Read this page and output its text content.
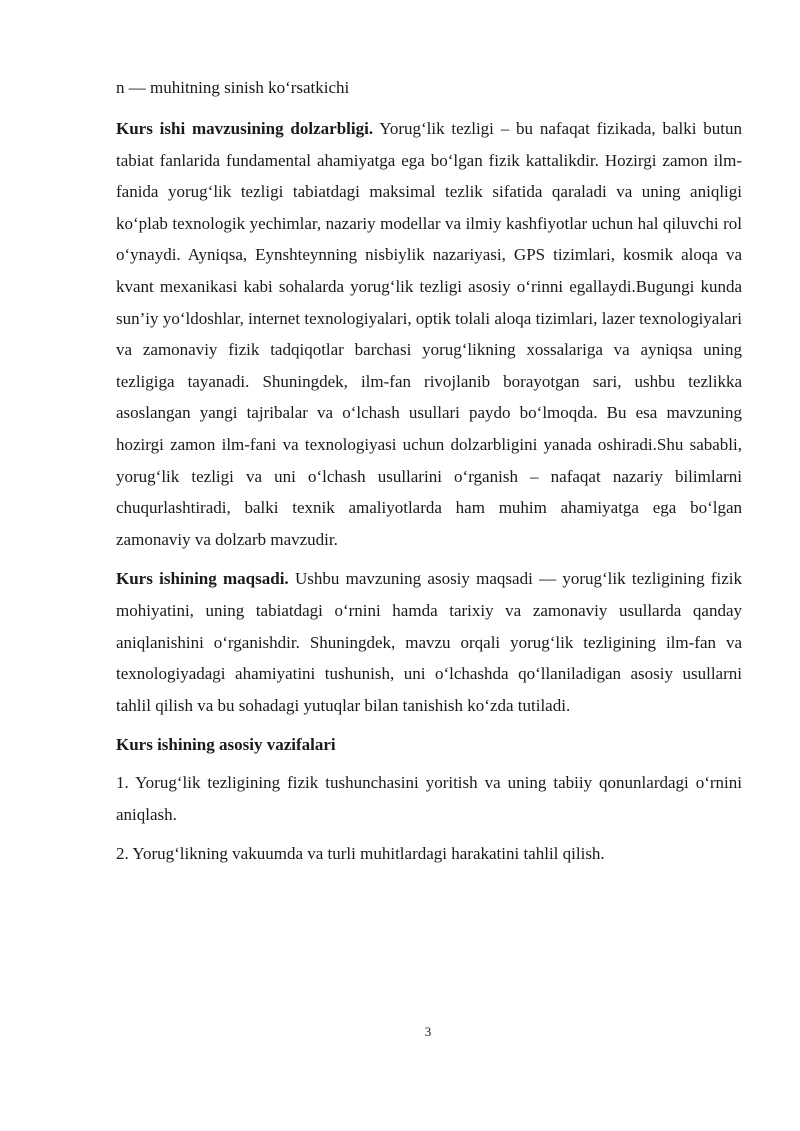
n — muhitning sinish koʻrsatkichi

Kurs ishi mavzusining dolzarbligi. Yorugʻlik tezligi – bu nafaqat fizikada, balki butun tabiat fanlarida fundamental ahamiyatga ega boʻlgan fizik kattalikdir. Hozirgi zamon ilm-fanida yorugʻlik tezligi tabiatdagi maksimal tezlik sifatida qaraladi va uning aniqligi koʻplab texnologik yechimlar, nazariy modellar va ilmiy kashfiyotlar uchun hal qiluvchi rol oʻynaydi. Ayniqsa, Eynshteynning nisbiylik nazariyasi, GPS tizimlari, kosmik aloqa va kvant mexanikasi kabi sohalarda yorugʻlik tezligi asosiy oʻrinni egallaydi.Bugungi kunda sun’iy yoʻldoshlar, internet texnologiyalari, optik tolali aloqa tizimlari, lazer texnologiyalari va zamonaviy fizik tadqiqotlar barchasi yorugʻlikning xossalariga va ayniqsa uning tezligiga tayanadi. Shuningdek, ilm-fan rivojlanib borayotgan sari, ushbu tezlikka asoslangan yangi tajribalar va oʻlchash usullari paydo boʻlmoqda. Bu esa mavzuning hozirgi zamon ilm-fani va texnologiyasi uchun dolzarbligini yanada oshiradi.Shu sababli, yorugʻlik tezligi va uni oʻlchash usullarini oʻrganish – nafaqat nazariy bilimlarni chuqurlashtiradi, balki texnik amaliyotlarda ham muhim ahamiyatga ega boʻlgan zamonaviy va dolzarb mavzudir.

Kurs ishining maqsadi. Ushbu mavzuning asosiy maqsadi — yorugʻlik tezligining fizik mohiyatini, uning tabiatdagi oʻrnini hamda tarixiy va zamonaviy usullarda qanday aniqlanishini oʻrganishdir. Shuningdek, mavzu orqali yorugʻlik tezligining ilm-fan va texnologiyadagi ahamiyatini tushunish, uni oʻlchashda qoʻllaniladigan asosiy usullarni tahlil qilish va bu sohadagi yutuqlar bilan tanishish koʻzda tutiladi.

Kurs ishining asosiy vazifalari

1. Yorugʻlik tezligining fizik tushunchasini yoritish va uning tabiiy qonunlardagi oʻrnini aniqlash.

2. Yorugʻlikning vakuumda va turli muhitlardagi harakatini tahlil qilish.

3
